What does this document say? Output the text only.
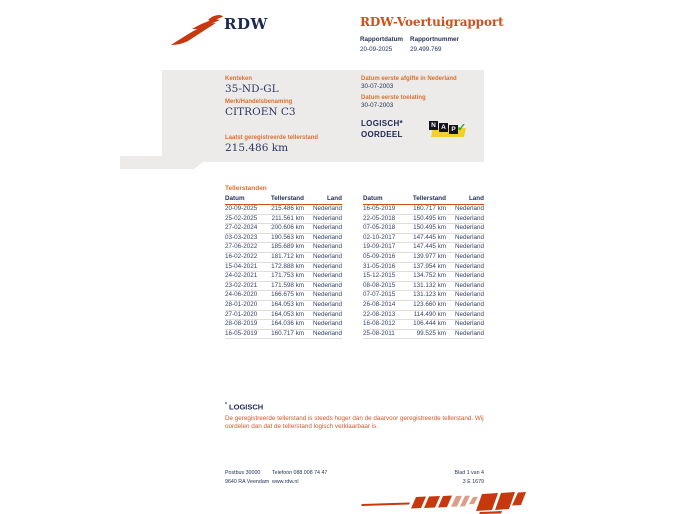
RDW	RDW-Voertuigrapport
Rapportdatum
20-09-2025
Rapportnummer
29.499.769
Kenteken
35-ND-GL
Merk/Handelsbenaming
CITROEN C3
Laatst geregistreerde tellerstand
215.486 km
Datum eerste afgifte in Nederland
30-07-2003
Datum eerste toelating
30-07-2003
LOGISCH*
OORDEEL
N A P ✓
Tellerstanden
Datum	Tellerstand	Land
20-09-2025	215.486 km	Nederland
25-02-2025	211.561 km	Nederland
27-02-2024	200.606 km	Nederland
03-03-2023	190.563 km	Nederland
27-06-2022	185.689 km	Nederland
16-02-2022	181.712 km	Nederland
15-04-2021	172.888 km	Nederland
24-02-2021	171.753 km	Nederland
23-02-2021	171.598 km	Nederland
24-06-2020	166.675 km	Nederland
28-01-2020	164.053 km	Nederland
27-01-2020	164.053 km	Nederland
28-08-2019	164.036 km	Nederland
16-05-2019	160.717 km	Nederland
Datum	Tellerstand	Land
16-05-2019	160.717 km	Nederland
22-05-2018	150.495 km	Nederland
07-05-2018	150.495 km	Nederland
02-10-2017	147.445 km	Nederland
19-09-2017	147.445 km	Nederland
05-09-2016	139.977 km	Nederland
31-05-2016	137.954 km	Nederland
15-12-2015	134.752 km	Nederland
08-08-2015	131.132 km	Nederland
07-07-2015	131.123 km	Nederland
26-08-2014	123.660 km	Nederland
22-08-2013	114.490 km	Nederland
16-08-2012	106.444 km	Nederland
25-08-2011	99.525 km	Nederland
* LOGISCH
De geregistreerde tellerstand is steeds hoger dan de daarvoor geregistreerde tellerstand. Wij oordelen dan dat de tellerstand logisch verklaarbaar is.
Postbus 30000
9640 RA Veendam
Telefoon 088 008 74 47
www.rdw.nl
Blad 1 van 4
3 E 1679
